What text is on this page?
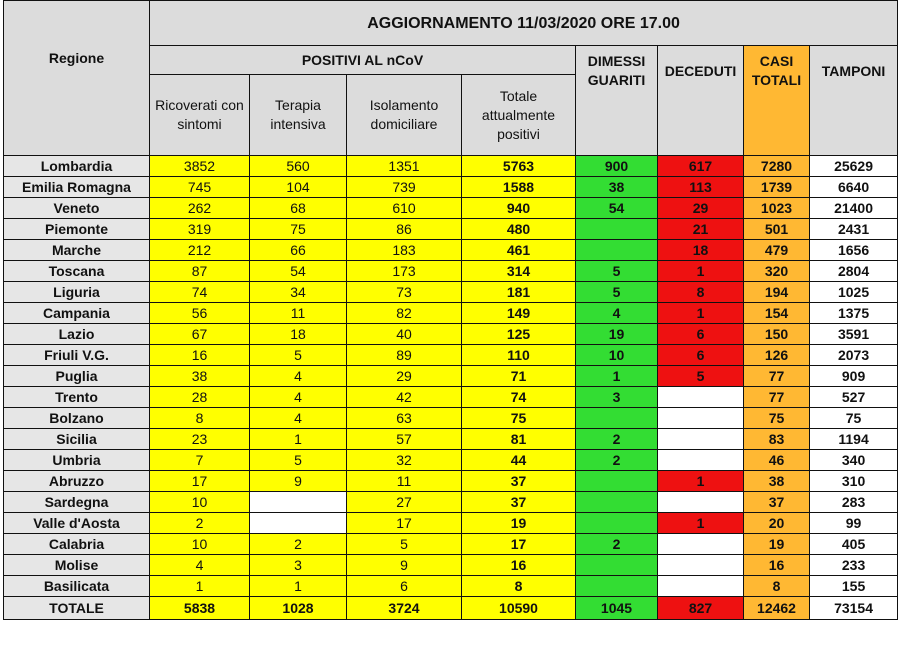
Regione	AGGIORNAMENTO 11/03/2020 ORE 17.00							
	POSITIVI AL nCoV				DIMESSI GUARITI	DECEDUTI	CASI TOTALI	TAMPONI
	Ricoverati con sintomi	Terapia intensiva	Isolamento domiciliare	Totale attualmente positivi				
Lombardia	3852	560	1351	5763	900	617	7280	25629
Emilia Romagna	745	104	739	1588	38	113	1739	6640
Veneto	262	68	610	940	54	29	1023	21400
Piemonte	319	75	86	480		21	501	2431
Marche	212	66	183	461		18	479	1656
Toscana	87	54	173	314	5	1	320	2804
Liguria	74	34	73	181	5	8	194	1025
Campania	56	11	82	149	4	1	154	1375
Lazio	67	18	40	125	19	6	150	3591
Friuli V.G.	16	5	89	110	10	6	126	2073
Puglia	38	4	29	71	1	5	77	909
Trento	28	4	42	74	3		77	527
Bolzano	8	4	63	75			75	75
Sicilia	23	1	57	81	2		83	1194
Umbria	7	5	32	44	2		46	340
Abruzzo	17	9	11	37		1	38	310
Sardegna	10		27	37			37	283
Valle d'Aosta	2		17	19		1	20	99
Calabria	10	2	5	17	2		19	405
Molise	4	3	9	16			16	233
Basilicata	1	1	6	8			8	155
TOTALE	5838	1028	3724	10590	1045	827	12462	73154
